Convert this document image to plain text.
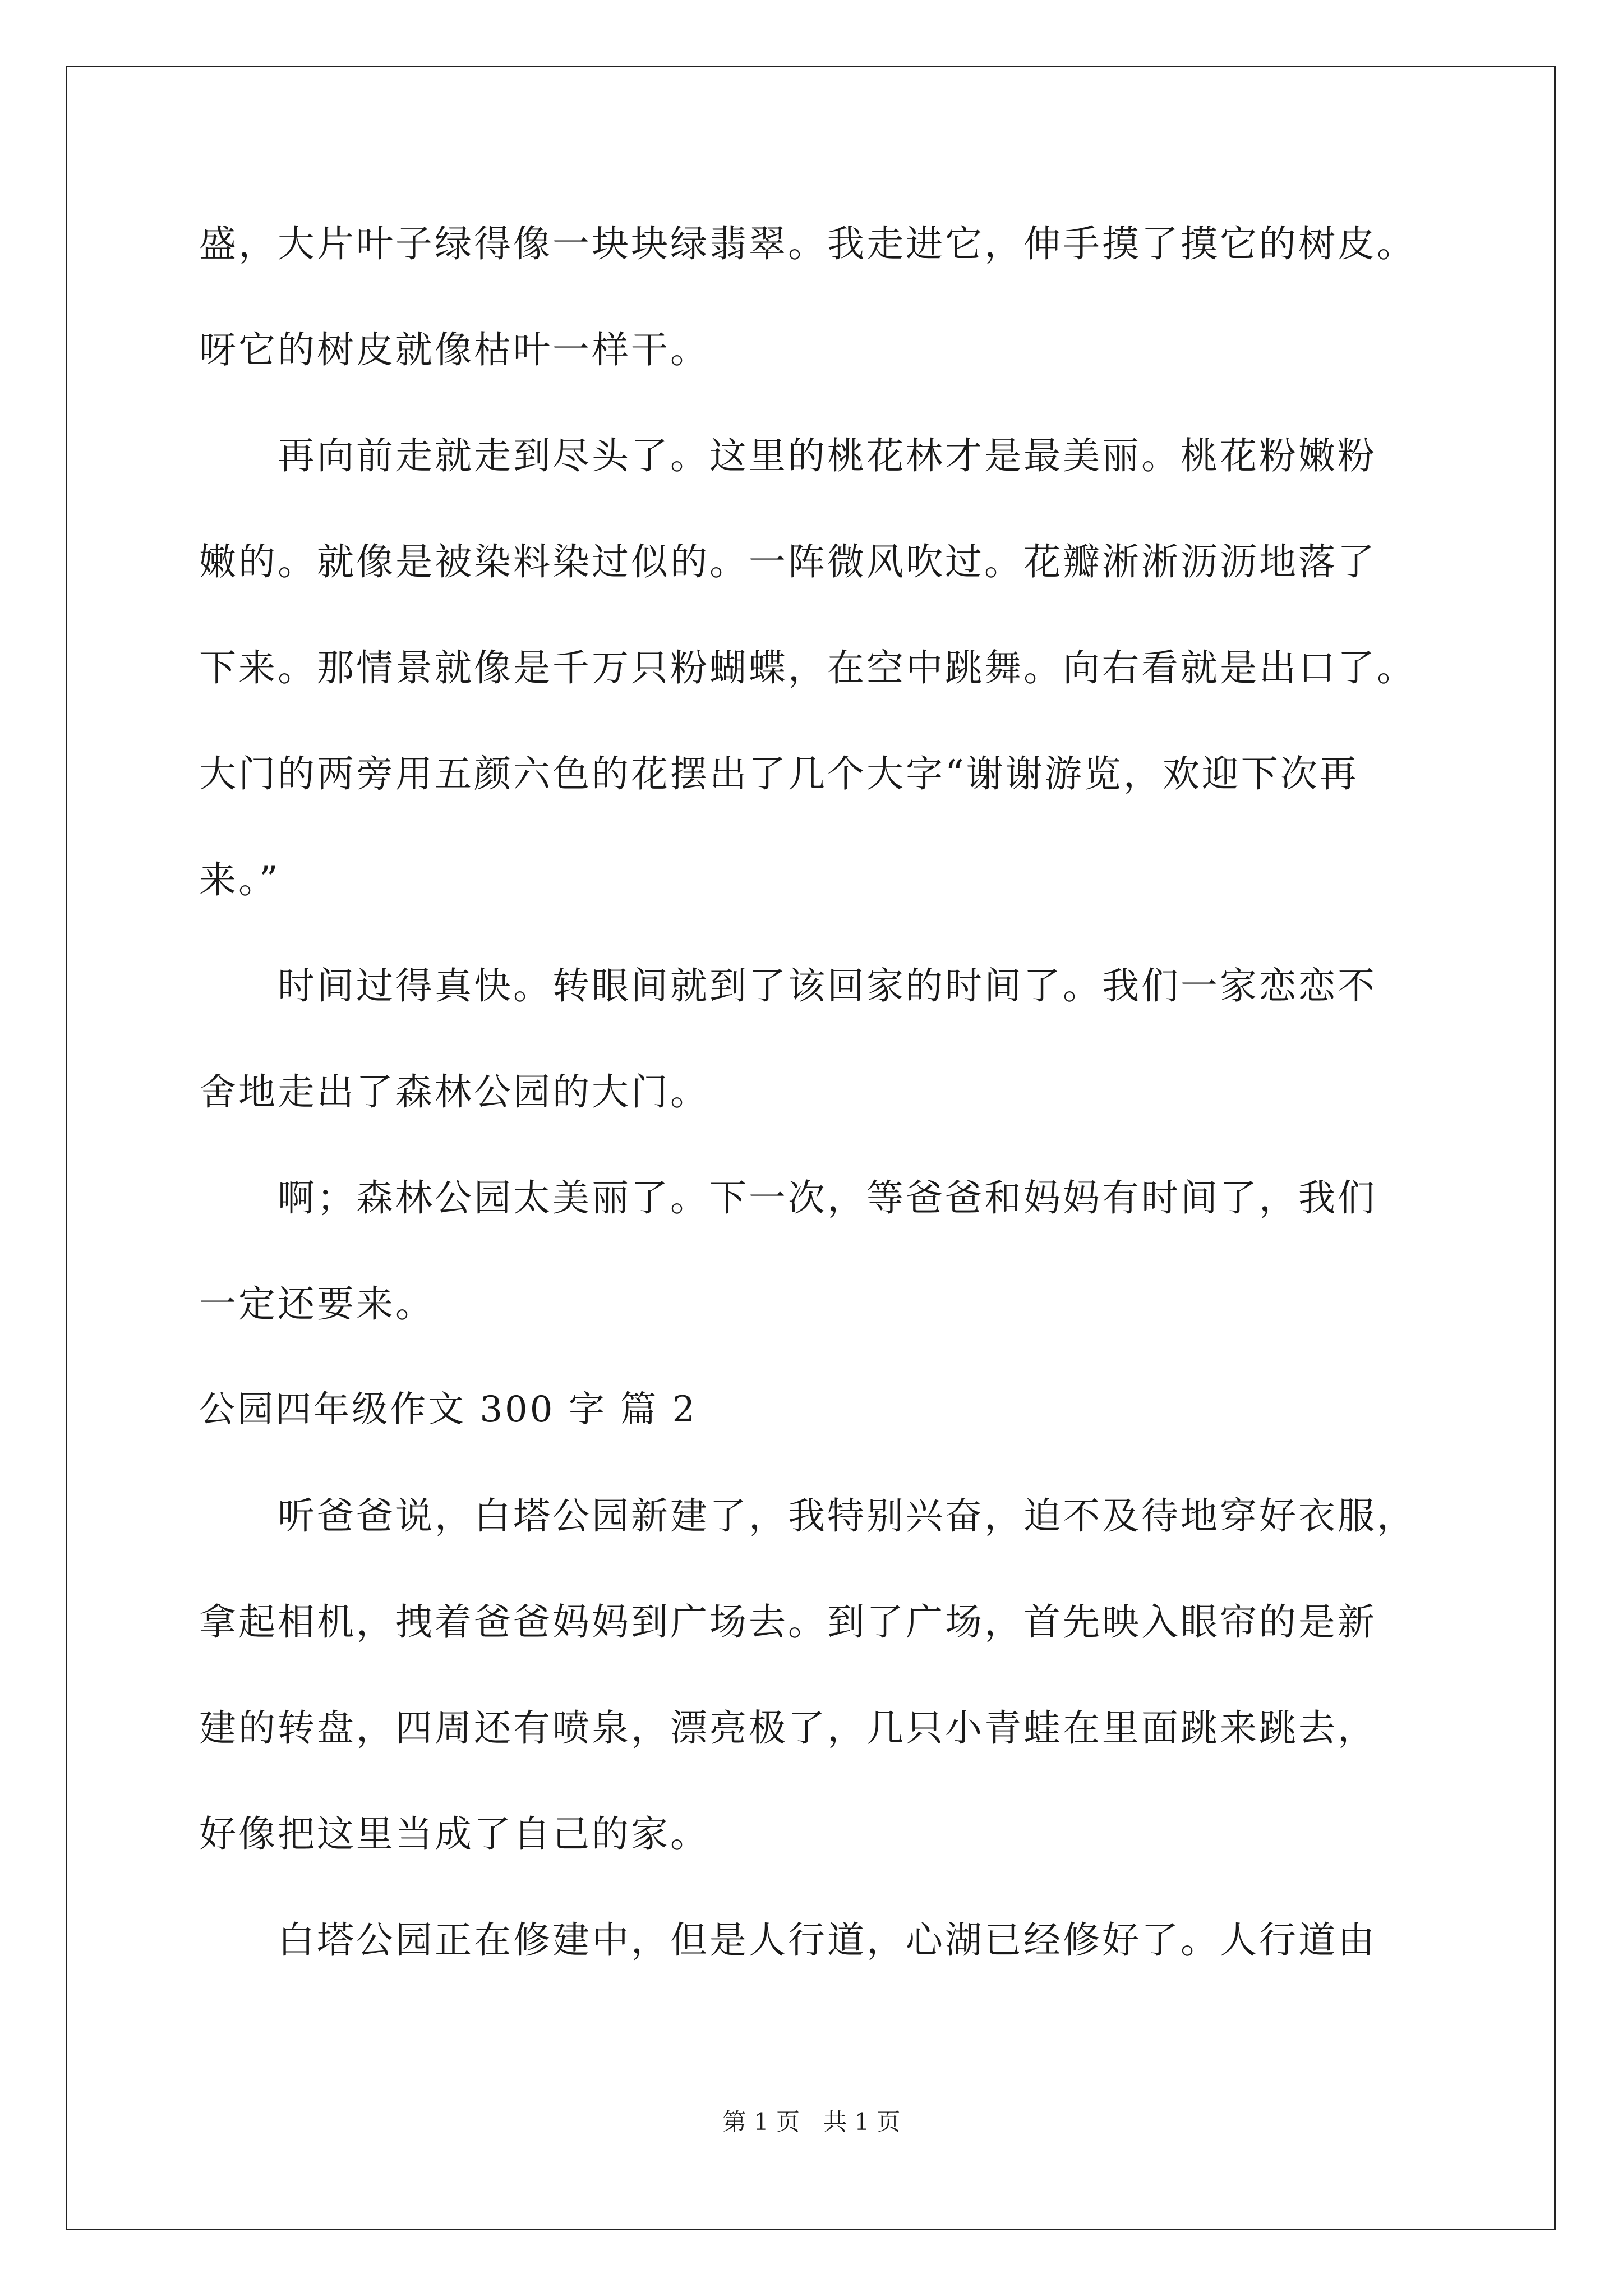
盛，大片叶子绿得像一块块绿翡翠。我走进它，伸手摸了摸它的树皮。

呀它的树皮就像枯叶一样干。

　　再向前走就走到尽头了。这里的桃花林才是最美丽。桃花粉嫩粉

嫩的。就像是被染料染过似的。一阵微风吹过。花瓣淅淅沥沥地落了

下来。那情景就像是千万只粉蝴蝶，在空中跳舞。向右看就是出口了。

大门的两旁用五颜六色的花摆出了几个大字“谢谢游览，欢迎下次再

来。”

　　时间过得真快。转眼间就到了该回家的时间了。我们一家恋恋不

舍地走出了森林公园的大门。

　　啊；森林公园太美丽了。下一次，等爸爸和妈妈有时间了，我们

一定还要来。

公园四年级作文 300 字 篇 2

　　听爸爸说，白塔公园新建了，我特别兴奋，迫不及待地穿好衣服，

拿起相机，拽着爸爸妈妈到广场去。到了广场，首先映入眼帘的是新

建的转盘，四周还有喷泉，漂亮极了，几只小青蛙在里面跳来跳去，

好像把这里当成了自己的家。

　　白塔公园正在修建中，但是人行道，心湖已经修好了。人行道由

第 1 页 共 1 页
